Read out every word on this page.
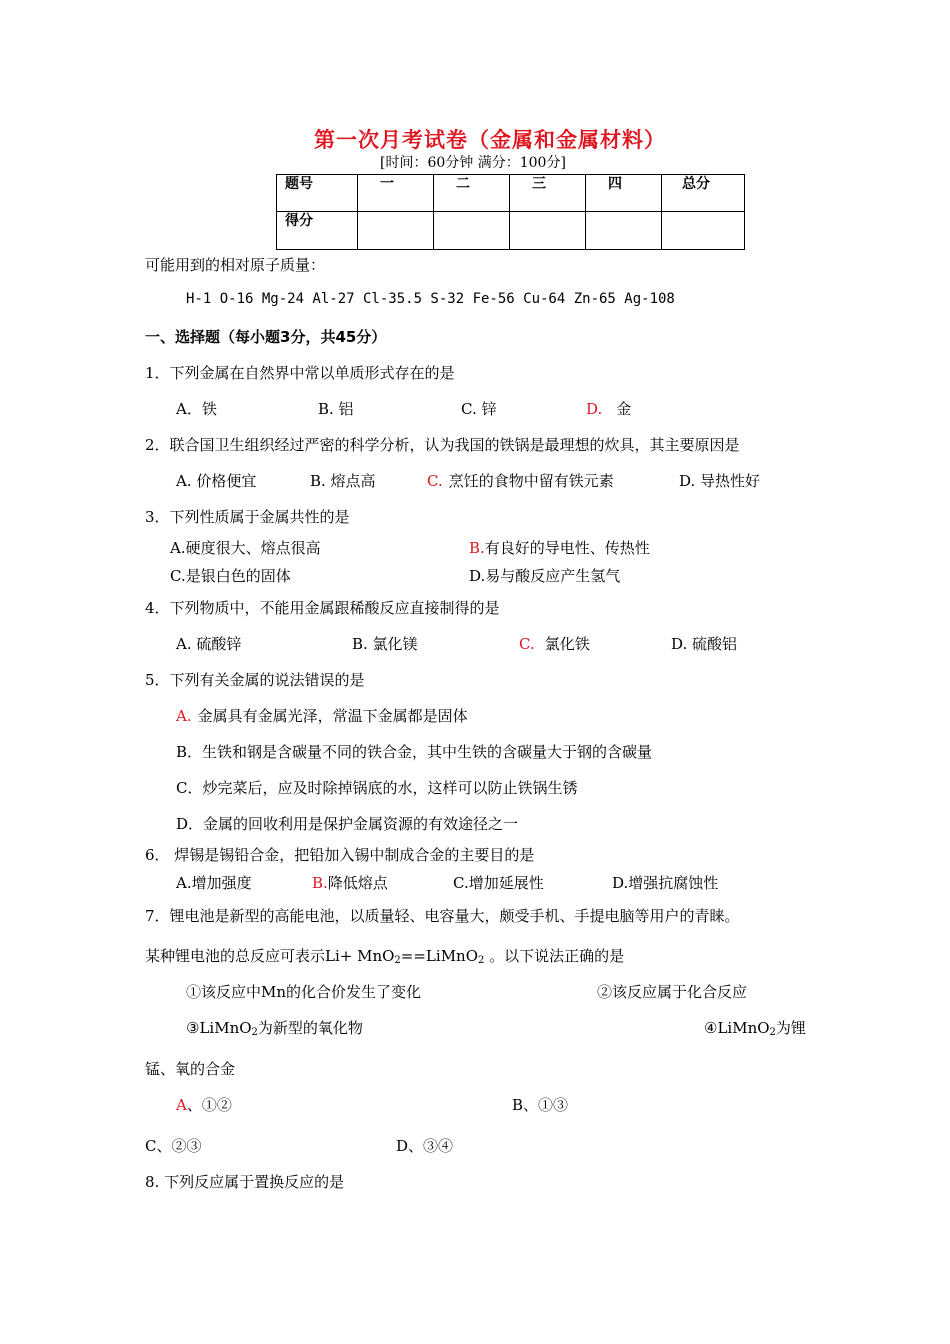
第一次月考试卷（金属和金属材料）
[时间：60分钟 满分：100分]
题号	一	二	三	四	总分
得分					
可能用到的相对原子质量：
H-1 O-16 Mg-24 Al-27 Cl-35.5 S-32 Fe-56 Cu-64 Zn-65 Ag-108
一、选择题（每小题3分，共45分）
1．下列金属在自然界中常以单质形式存在的是
A．铁	B. 铝	C. 锌	D. 金
2．联合国卫生组织经过严密的科学分析，认为我国的铁锅是最理想的炊具，其主要原因是
A. 价格便宜	B. 熔点高	C. 烹饪的食物中留有铁元素	D. 导热性好
3．下列性质属于金属共性的是
A.硬度很大、熔点很高	B.有良好的导电性、传热性
C.是银白色的固体	D.易与酸反应产生氢气
4．下列物质中，不能用金属跟稀酸反应直接制得的是
A. 硫酸锌	B. 氯化镁	C. 氯化铁	D. 硫酸铝
5．下列有关金属的说法错误的是
A. 金属具有金属光泽，常温下金属都是固体
B．生铁和钢是含碳量不同的铁合金，其中生铁的含碳量大于钢的含碳量
C．炒完菜后，应及时除掉锅底的水，这样可以防止铁锅生锈
D．金属的回收利用是保护金属资源的有效途径之一
6． 焊锡是锡铅合金，把铅加入锡中制成合金的主要目的是
A.增加强度	B.降低熔点	C.增加延展性	D.增强抗腐蚀性
7．锂电池是新型的高能电池，以质量轻、电容量大，颇受手机、手提电脑等用户的青睐。
某种锂电池的总反应可表示Li+ MnO$_2$==LiMnO$_2$ 。以下说法正确的是
①该反应中Mn的化合价发生了变化	②该反应属于化合反应
③LiMnO$_2$为新型的氧化物	④LiMnO$_2$为锂
锰、氧的合金
A、①②	B、①③
C、②③	D、③④
8. 下列反应属于置换反应的是
